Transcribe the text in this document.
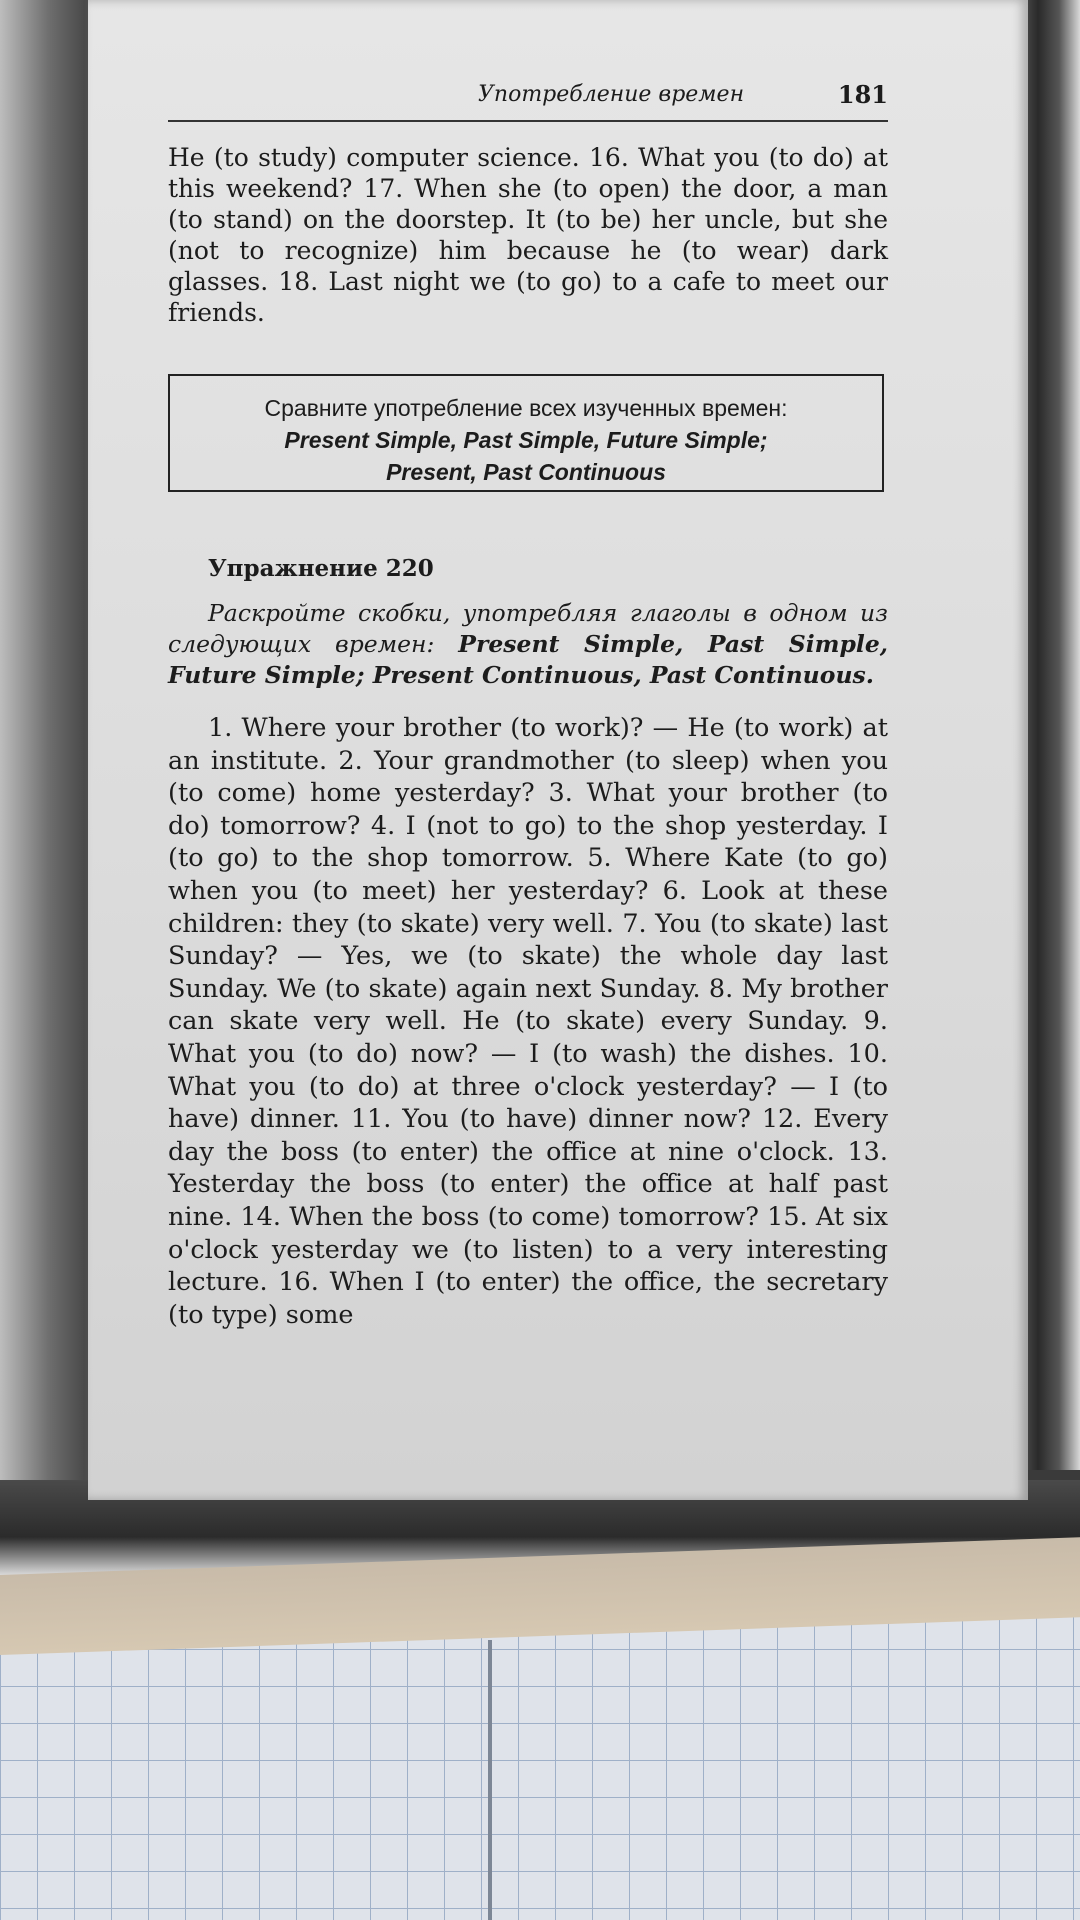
Употребление времен	181

He (to study) computer science. 16. What you (to do) at this weekend? 17. When she (to open) the door, a man (to stand) on the doorstep. It (to be) her uncle, but she (not to recognize) him because he (to wear) dark glasses. 18. Last night we (to go) to a cafe to meet our friends.

Сравните употребление всех изученных времен:
Present Simple, Past Simple, Future Simple;
Present, Past Continuous
Упражнение 220

Раскройте скобки, употребляя глаголы в одном из следующих времен: Present Simple, Past Simple, Future Simple; Present Continuous, Past Continuous.

1. Where your brother (to work)? — He (to work) at an institute. 2. Your grandmother (to sleep) when you (to come) home yesterday? 3. What your brother (to do) tomorrow? 4. I (not to go) to the shop yesterday. I (to go) to the shop tomorrow. 5. Where Kate (to go) when you (to meet) her yesterday? 6. Look at these children: they (to skate) very well. 7. You (to skate) last Sunday? — Yes, we (to skate) the whole day last Sunday. We (to skate) again next Sunday. 8. My brother can skate very well. He (to skate) every Sunday. 9. What you (to do) now? — I (to wash) the dishes. 10. What you (to do) at three o'clock yesterday? — I (to have) dinner. 11. You (to have) dinner now? 12. Every day the boss (to enter) the office at nine o'clock. 13. Yesterday the boss (to enter) the office at half past nine. 14. When the boss (to come) tomorrow? 15. At six o'clock yesterday we (to listen) to a very interesting lecture. 16. When I (to enter) the office, the secretary (to type) some
